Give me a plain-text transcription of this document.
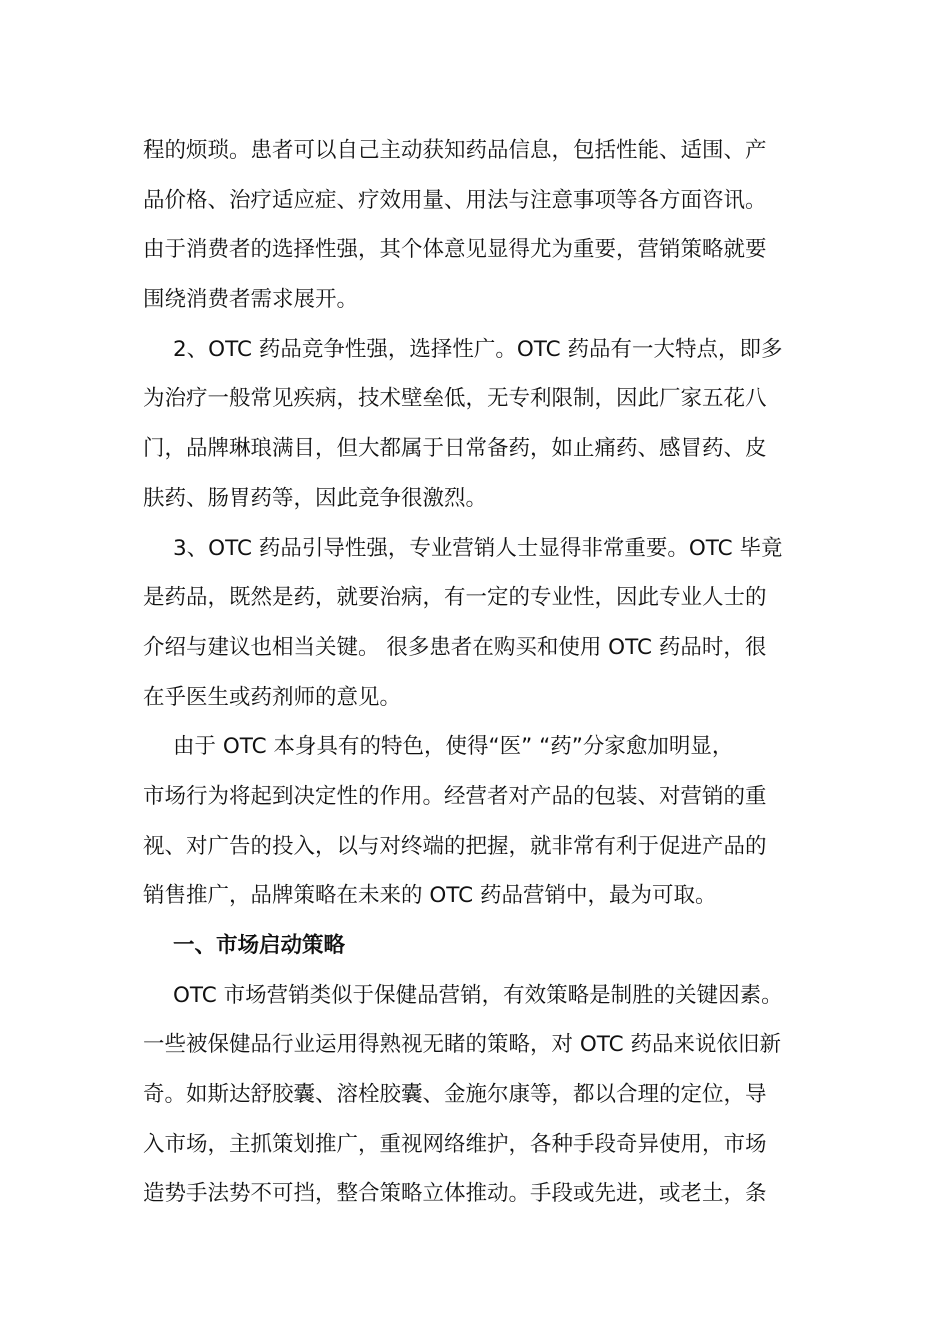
程的烦琐。患者可以自己主动获知药品信息，包括性能、适围、产
品价格、治疗适应症、疗效用量、用法与注意事项等各方面咨讯。
由于消费者的选择性强，其个体意见显得尤为重要，营销策略就要
围绕消费者需求展开。
2、OTC 药品竞争性强，选择性广。OTC 药品有一大特点，即多
为治疗一般常见疾病，技术壁垒低，无专利限制，因此厂家五花八
门，品牌琳琅满目，但大都属于日常备药，如止痛药、感冒药、皮
肤药、肠胃药等，因此竞争很激烈。
3、OTC 药品引导性强，专业营销人士显得非常重要。OTC 毕竟
是药品，既然是药，就要治病，有一定的专业性，因此专业人士的
介绍与建议也相当关键。 很多患者在购买和使用 OTC 药品时，很
在乎医生或药剂师的意见。
由于 OTC 本身具有的特色，使得“医” “药”分家愈加明显，
市场行为将起到决定性的作用。经营者对产品的包装、对营销的重
视、对广告的投入，以与对终端的把握，就非常有利于促进产品的
销售推广，品牌策略在未来的 OTC 药品营销中，最为可取。
一、市场启动策略
OTC 市场营销类似于保健品营销，有效策略是制胜的关键因素。
一些被保健品行业运用得熟视无睹的策略，对 OTC 药品来说依旧新
奇。如斯达舒胶囊、溶栓胶囊、金施尔康等，都以合理的定位，导
入市场，主抓策划推广，重视网络维护，各种手段奇异使用，市场
造势手法势不可挡，整合策略立体推动。手段或先进，或老土，条
